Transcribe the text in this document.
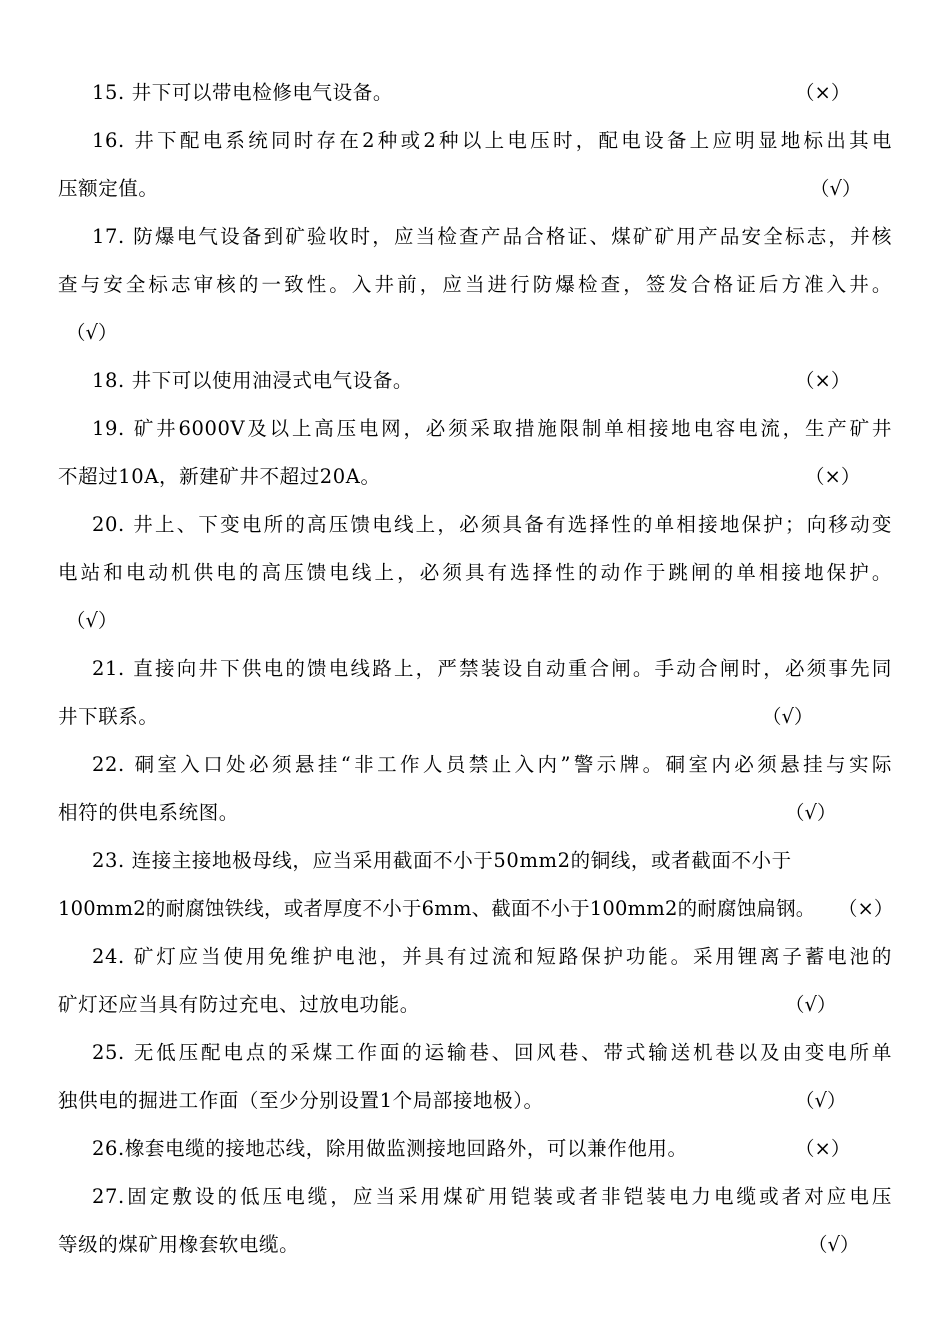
15. 井下可以带电检修电气设备。	（×）
16. 井下配电系统同时存在2种或2种以上电压时，配电设备上应明显地标出其电
压额定值。	（√）
17. 防爆电气设备到矿验收时，应当检查产品合格证、煤矿矿用产品安全标志，并核
查与安全标志审核的一致性。入井前，应当进行防爆检查，签发合格证后方准入井。
（√）
18. 井下可以使用油浸式电气设备。	（×）
19. 矿井6000V及以上高压电网，必须采取措施限制单相接地电容电流，生产矿井
不超过10A，新建矿井不超过20A。	（×）
20. 井上、下变电所的高压馈电线上，必须具备有选择性的单相接地保护；向移动变
电站和电动机供电的高压馈电线上，必须具有选择性的动作于跳闸的单相接地保护。
（√）
21. 直接向井下供电的馈电线路上，严禁装设自动重合闸。手动合闸时，必须事先同
井下联系。	（√）
22. 硐室入口处必须悬挂“非工作人员禁止入内”警示牌。硐室内必须悬挂与实际
相符的供电系统图。	（√）
23. 连接主接地极母线，应当采用截面不小于50mm2的铜线，或者截面不小于
100mm2的耐腐蚀铁线，或者厚度不小于6mm、截面不小于100mm2的耐腐蚀扁钢。	（×）
24. 矿灯应当使用免维护电池，并具有过流和短路保护功能。采用锂离子蓄电池的
矿灯还应当具有防过充电、过放电功能。	（√）
25. 无低压配电点的采煤工作面的运输巷、回风巷、带式输送机巷以及由变电所单
独供电的掘进工作面（至少分别设置1个局部接地极）。	（√）
26.橡套电缆的接地芯线，除用做监测接地回路外，可以兼作他用。	（×）
27.固定敷设的低压电缆，应当采用煤矿用铠装或者非铠装电力电缆或者对应电压
等级的煤矿用橡套软电缆。	（√）
